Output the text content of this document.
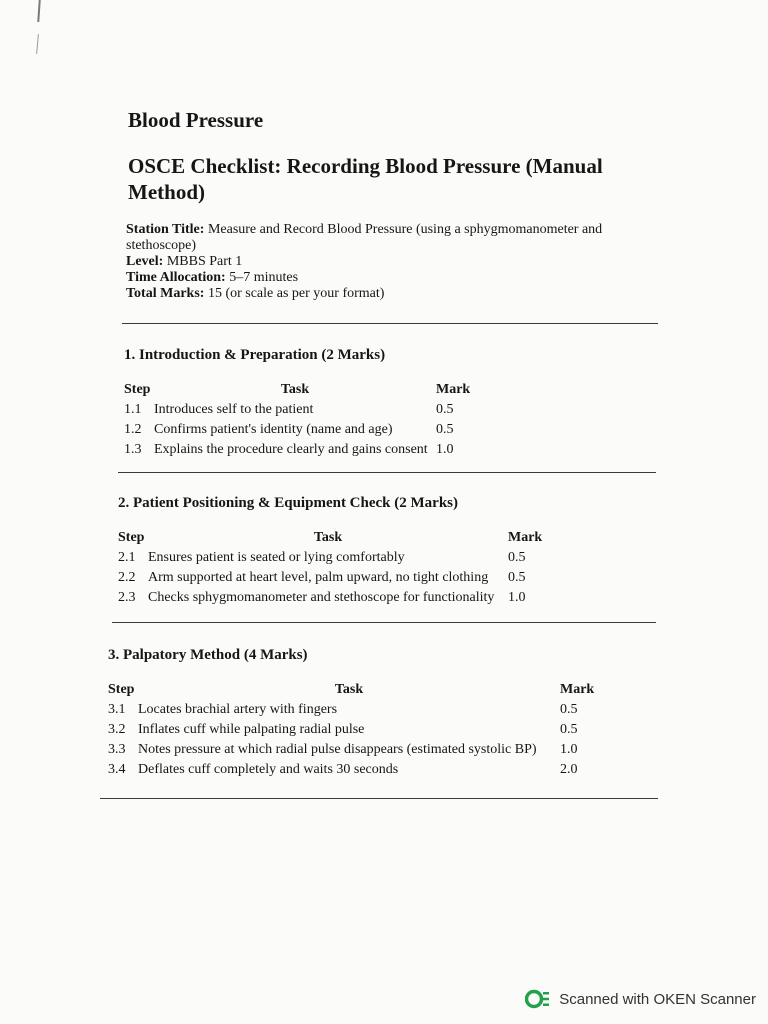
Blood Pressure
OSCE Checklist: Recording Blood Pressure (Manual Method)
Station Title: Measure and Record Blood Pressure (using a sphygmomanometer and stethoscope)
Level: MBBS Part 1
Time Allocation: 5–7 minutes
Total Marks: 15 (or scale as per your format)
1. Introduction & Preparation (2 Marks)
Step	Task	Mark
1.1	Introduces self to the patient	0.5
1.2	Confirms patient's identity (name and age)	0.5
1.3	Explains the procedure clearly and gains consent	1.0
2. Patient Positioning & Equipment Check (2 Marks)
Step	Task	Mark
2.1	Ensures patient is seated or lying comfortably	0.5
2.2	Arm supported at heart level, palm upward, no tight clothing	0.5
2.3	Checks sphygmomanometer and stethoscope for functionality	1.0
3. Palpatory Method (4 Marks)
Step	Task	Mark
3.1	Locates brachial artery with fingers	0.5
3.2	Inflates cuff while palpating radial pulse	0.5
3.3	Notes pressure at which radial pulse disappears (estimated systolic BP)	1.0
3.4	Deflates cuff completely and waits 30 seconds	2.0
Scanned with OKEN Scanner
